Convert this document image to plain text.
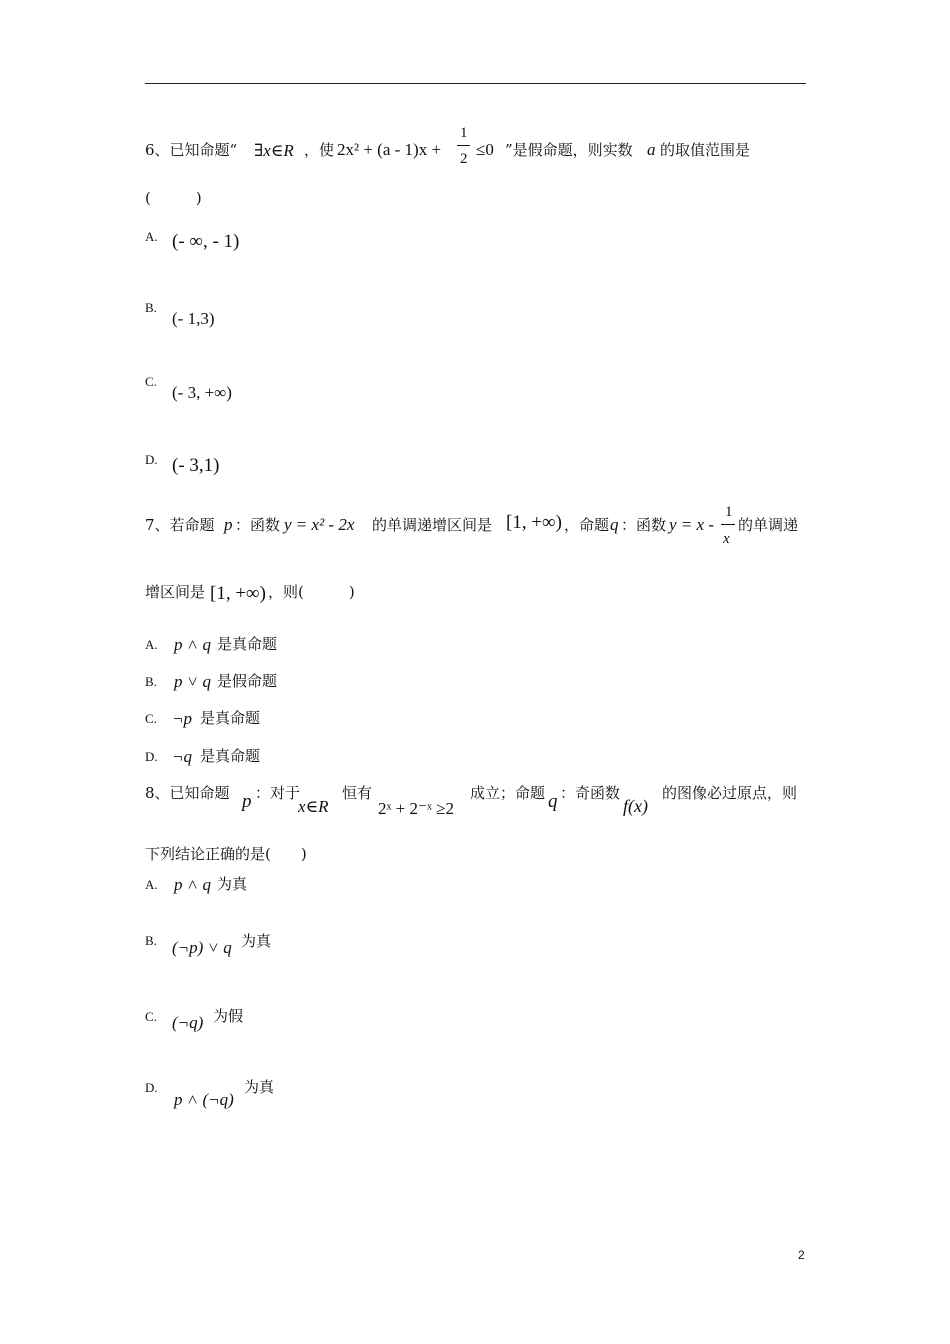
6、已知命题“ ∃x∈R ，使 2x² + (a - 1)x +
1
2 ≤0 ”是假命题，则实数 a 的取值范围是
(　　　)
A. (- ∞, - 1)
B.
(- 1,3)
C.
(- 3, +∞)
D. (- 3,1)
7、若命题 p ：函数 y = x² - 2x 的单调递增区间是 [1, +∞) ，命题 q ：函数 y = x -
1
x
的单调递
增区间是 [1, +∞) ，则(　　　)
A. p ˄ q 是真命题
B. p ˅ q 是假命题
C. ¬p 是真命题
D. ¬q 是真命题
8、已知命题 p ：对于
x∈R
恒有
2ˣ + 2⁻ˣ ≥2
成立；命题 q ：奇函数
f(x)
的图像必过原点，则
下列结论正确的是(　　)
A. p ˄ q 为真
B. (¬p) ˅ q 为真
C. (¬q) 为假
D.
p ˄ (¬q)
为真
2
